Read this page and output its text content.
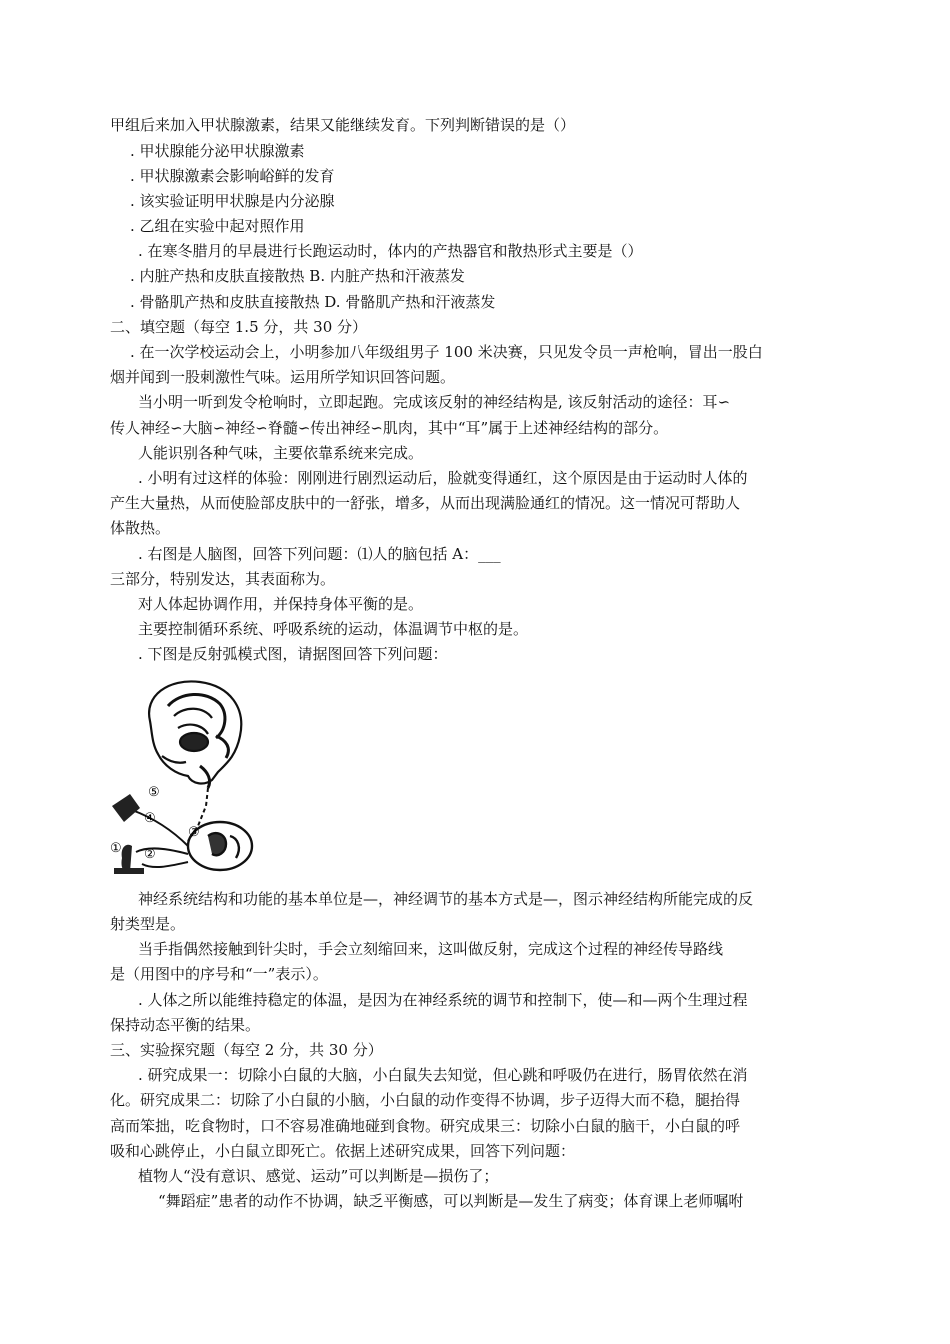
甲组后来加入甲状腺激素，结果又能继续发育。下列判断错误的是（）
. 甲状腺能分泌甲状腺激素
. 甲状腺激素会影响峪鲜的发育
. 该实验证明甲状腺是内分泌腺
. 乙组在实验中起对照作用
. 在寒冬腊月的早晨进行长跑运动时，体内的产热器官和散热形式主要是（）
. 内脏产热和皮肤直接散热 B. 内脏产热和汗液蒸发
. 骨骼肌产热和皮肤直接散热 D. 骨骼肌产热和汗液蒸发
二、填空题（每空 1.5 分，共 30 分）
. 在一次学校运动会上，小明参加八年级组男子 100 米决赛，只见发令员一声枪响，冒出一股白
烟并闻到一股刺激性气味。运用所学知识回答问题。
当小明一听到发令枪响时，立即起跑。完成该反射的神经结构是, 该反射活动的途径：耳∽
传人神经∽大脑∽神经∽脊髓∽传出神经∽肌肉，其中“耳”属于上述神经结构的部分。
人能识别各种气味，主要依靠系统来完成。
. 小明有过这样的体验：刚刚进行剧烈运动后，脸就变得通红，这个原因是由于运动时人体的
产生大量热，从而使脸部皮肤中的一舒张，增多，从而出现满脸通红的情况。这一情况可帮助人
体散热。
. 右图是人脑图，回答下列问题：⑴人的脑包括 A：___
三部分，特别发达，其表面称为。
对人体起协调作用，并保持身体平衡的是。
主要控制循环系统、呼吸系统的运动，体温调节中枢的是。
. 下图是反射弧模式图，请据图回答下列问题：
⑤
④
③
②
①
神经系统结构和功能的基本单位是—，神经调节的基本方式是—，图示神经结构所能完成的反
射类型是。
当手指偶然接触到针尖时，手会立刻缩回来，这叫做反射，完成这个过程的神经传导路线
是（用图中的序号和“一”表示）。
. 人体之所以能维持稳定的体温，是因为在神经系统的调节和控制下，使—和—两个生理过程
保持动态平衡的结果。
三、实验探究题（每空 2 分，共 30 分）
. 研究成果一：切除小白鼠的大脑，小白鼠失去知觉，但心跳和呼吸仍在进行，肠胃依然在消
化。研究成果二：切除了小白鼠的小脑，小白鼠的动作变得不协调，步子迈得大而不稳，腿抬得
高而笨拙，吃食物时，口不容易准确地碰到食物。研究成果三：切除小白鼠的脑干，小白鼠的呼
吸和心跳停止，小白鼠立即死亡。依据上述研究成果，回答下列问题：
植物人“没有意识、感觉、运动”可以判断是—损伤了；
“舞蹈症”患者的动作不协调，缺乏平衡感，可以判断是—发生了病变；体育课上老师嘱咐
